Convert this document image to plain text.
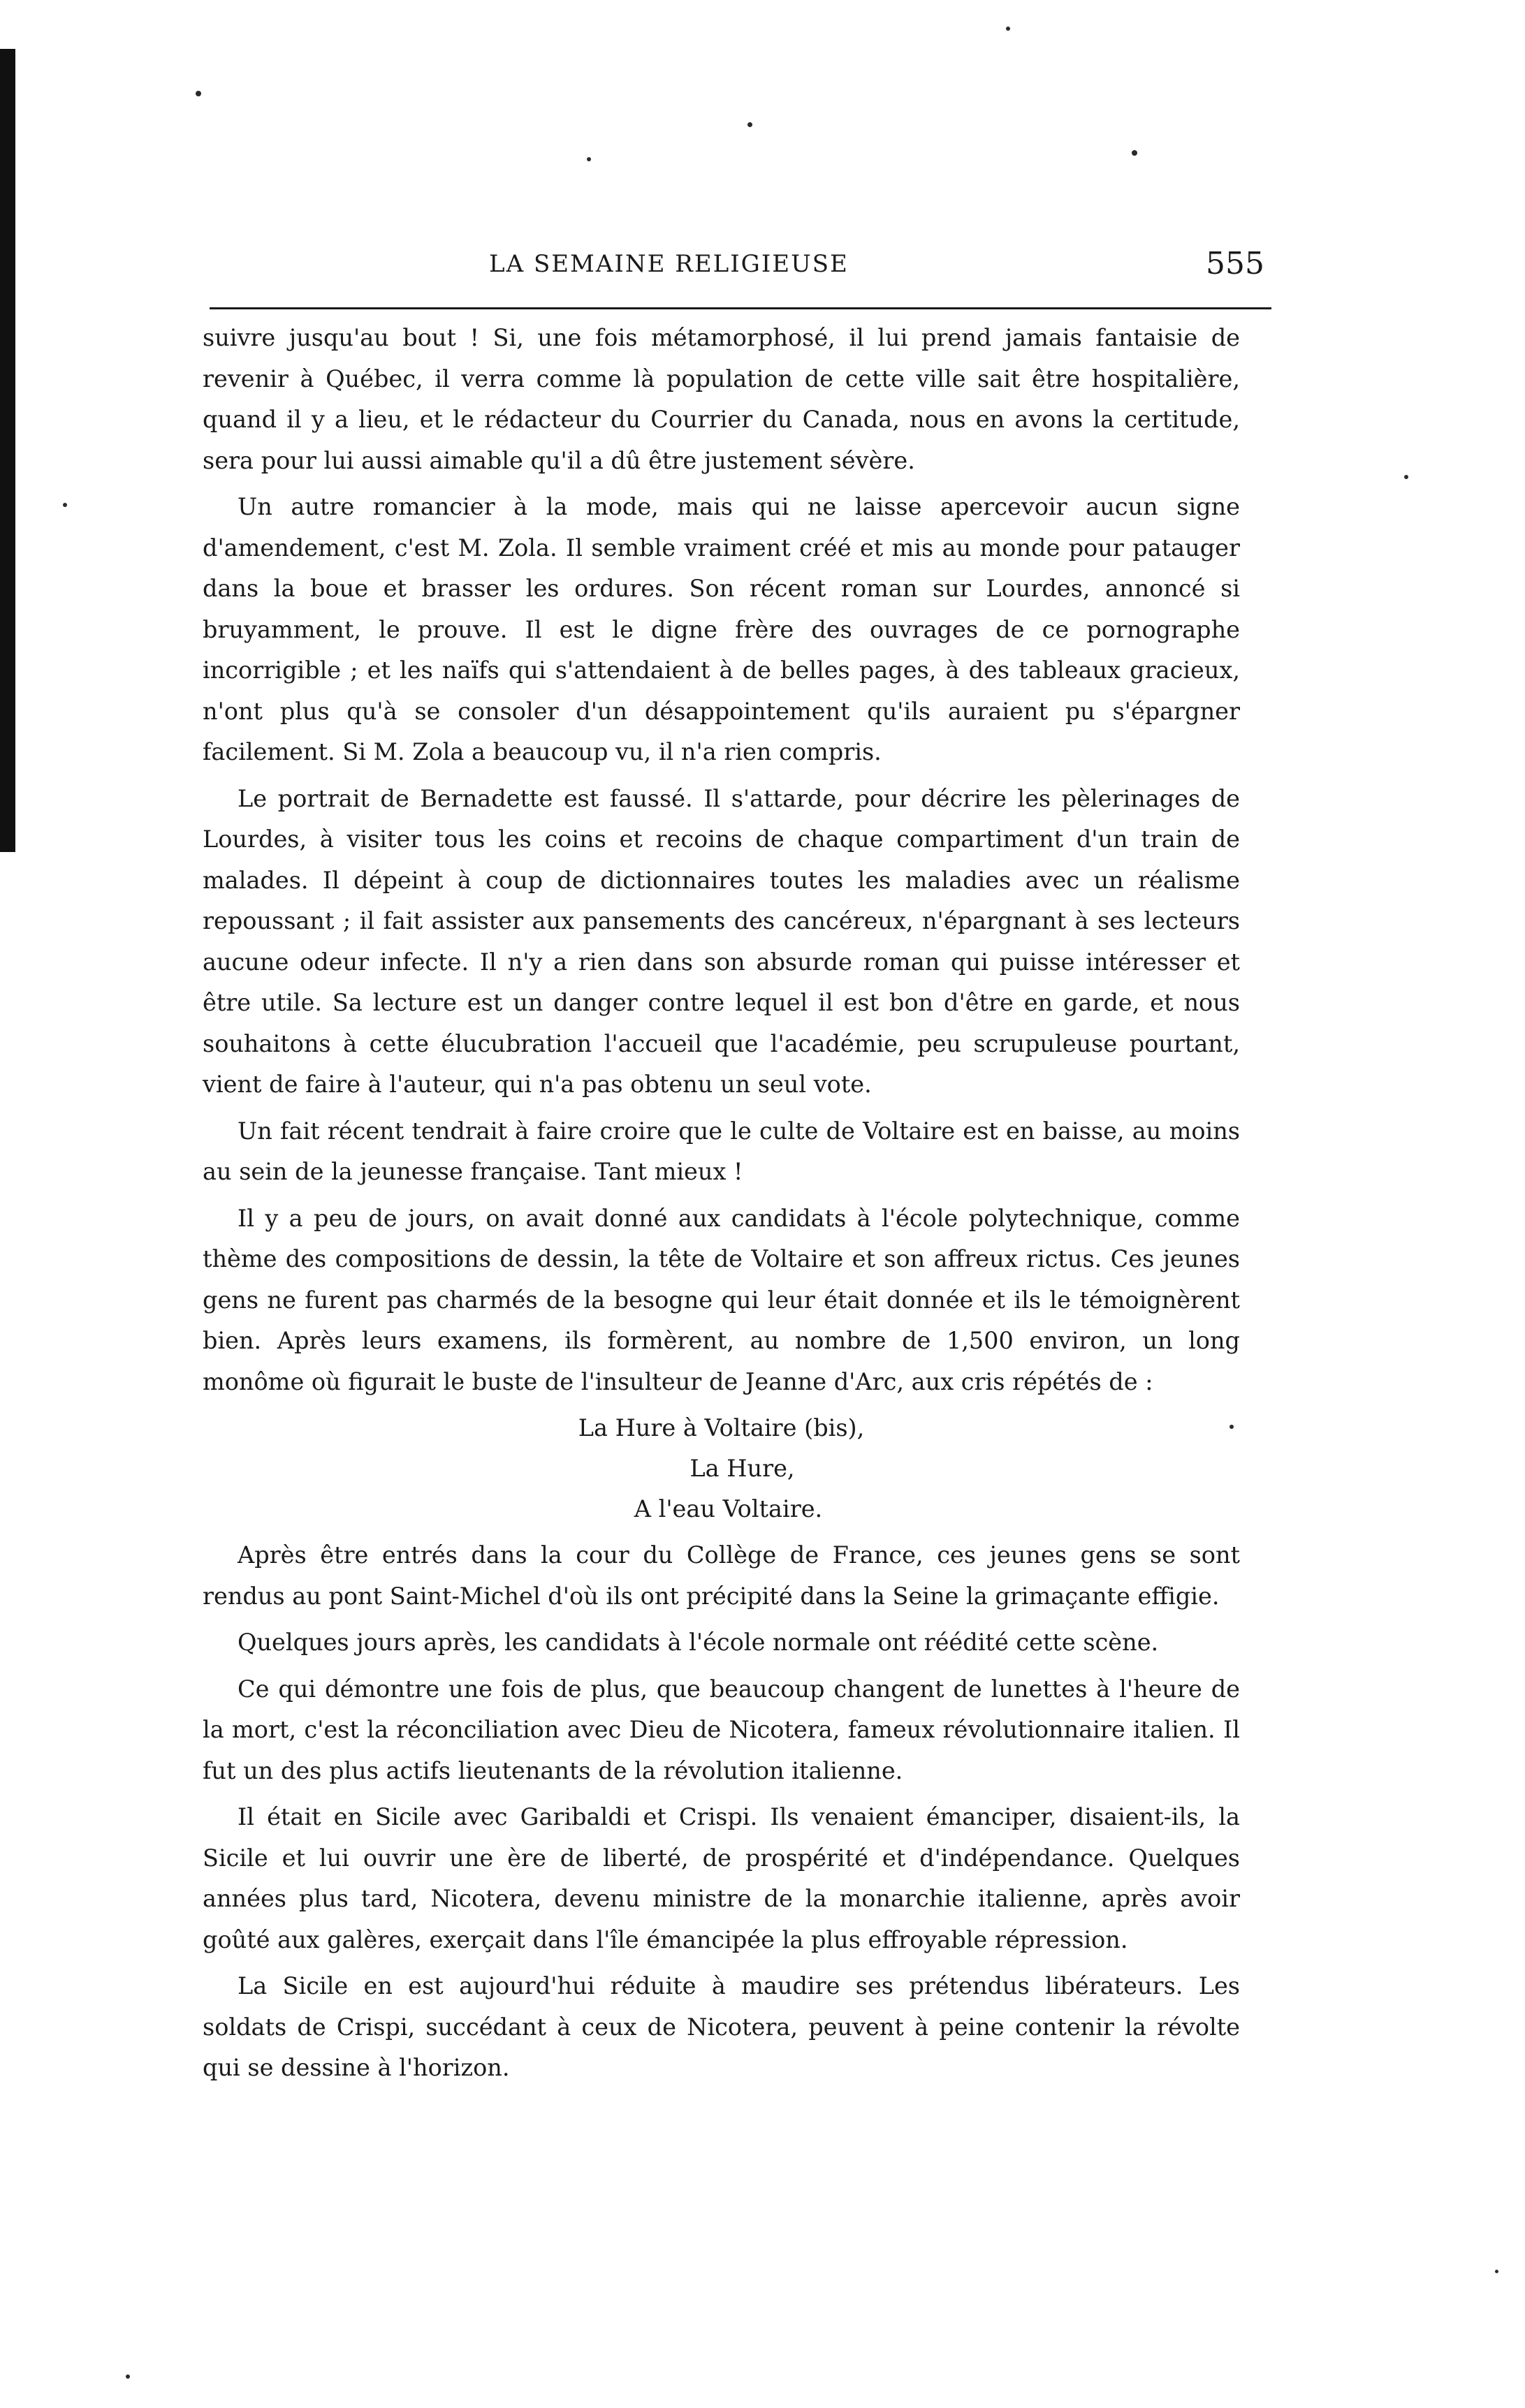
LA SEMAINE RELIGIEUSE	555

suivre jusqu'au bout ! Si, une fois métamorphosé, il lui prend jamais fantaisie de revenir à Québec, il verra comme là population de cette ville sait être hospitalière, quand il y a lieu, et le rédacteur du Courrier du Canada, nous en avons la certitude, sera pour lui aussi aimable qu'il a dû être justement sévère.

Un autre romancier à la mode, mais qui ne laisse apercevoir aucun signe d'amendement, c'est M. Zola. Il semble vraiment créé et mis au monde pour patauger dans la boue et brasser les ordures. Son récent roman sur Lourdes, annoncé si bruyamment, le prouve. Il est le digne frère des ouvrages de ce pornographe incorrigible ; et les naïfs qui s'attendaient à de belles pages, à des tableaux gracieux, n'ont plus qu'à se consoler d'un désappointement qu'ils auraient pu s'épargner facilement. Si M. Zola a beaucoup vu, il n'a rien compris.

Le portrait de Bernadette est faussé. Il s'attarde, pour décrire les pèlerinages de Lourdes, à visiter tous les coins et recoins de chaque compartiment d'un train de malades. Il dépeint à coup de dictionnaires toutes les maladies avec un réalisme repoussant ; il fait assister aux pansements des cancéreux, n'épargnant à ses lecteurs aucune odeur infecte. Il n'y a rien dans son absurde roman qui puisse intéresser et être utile. Sa lecture est un danger contre lequel il est bon d'être en garde, et nous souhaitons à cette élucubration l'accueil que l'académie, peu scrupuleuse pourtant, vient de faire à l'auteur, qui n'a pas obtenu un seul vote.

Un fait récent tendrait à faire croire que le culte de Voltaire est en baisse, au moins au sein de la jeunesse française. Tant mieux !

Il y a peu de jours, on avait donné aux candidats à l'école polytechnique, comme thème des compositions de dessin, la tête de Voltaire et son affreux rictus. Ces jeunes gens ne furent pas charmés de la besogne qui leur était donnée et ils le témoignèrent bien. Après leurs examens, ils formèrent, au nombre de 1,500 environ, un long monôme où figurait le buste de l'insulteur de Jeanne d'Arc, aux cris répétés de :

La Hure à Voltaire (bis),
La Hure,
A l'eau Voltaire.

Après être entrés dans la cour du Collège de France, ces jeunes gens se sont rendus au pont Saint-Michel d'où ils ont précipité dans la Seine la grimaçante effigie.

Quelques jours après, les candidats à l'école normale ont réédité cette scène.

Ce qui démontre une fois de plus, que beaucoup changent de lunettes à l'heure de la mort, c'est la réconciliation avec Dieu de Nicotera, fameux révolutionnaire italien. Il fut un des plus actifs lieutenants de la révolution italienne.

Il était en Sicile avec Garibaldi et Crispi. Ils venaient émanciper, disaient-ils, la Sicile et lui ouvrir une ère de liberté, de prospérité et d'indépendance. Quelques années plus tard, Nicotera, devenu ministre de la monarchie italienne, après avoir goûté aux galères, exerçait dans l'île émancipée la plus effroyable répression.

La Sicile en est aujourd'hui réduite à maudire ses prétendus libérateurs. Les soldats de Crispi, succédant à ceux de Nicotera, peuvent à peine contenir la révolte qui se dessine à l'horizon.
